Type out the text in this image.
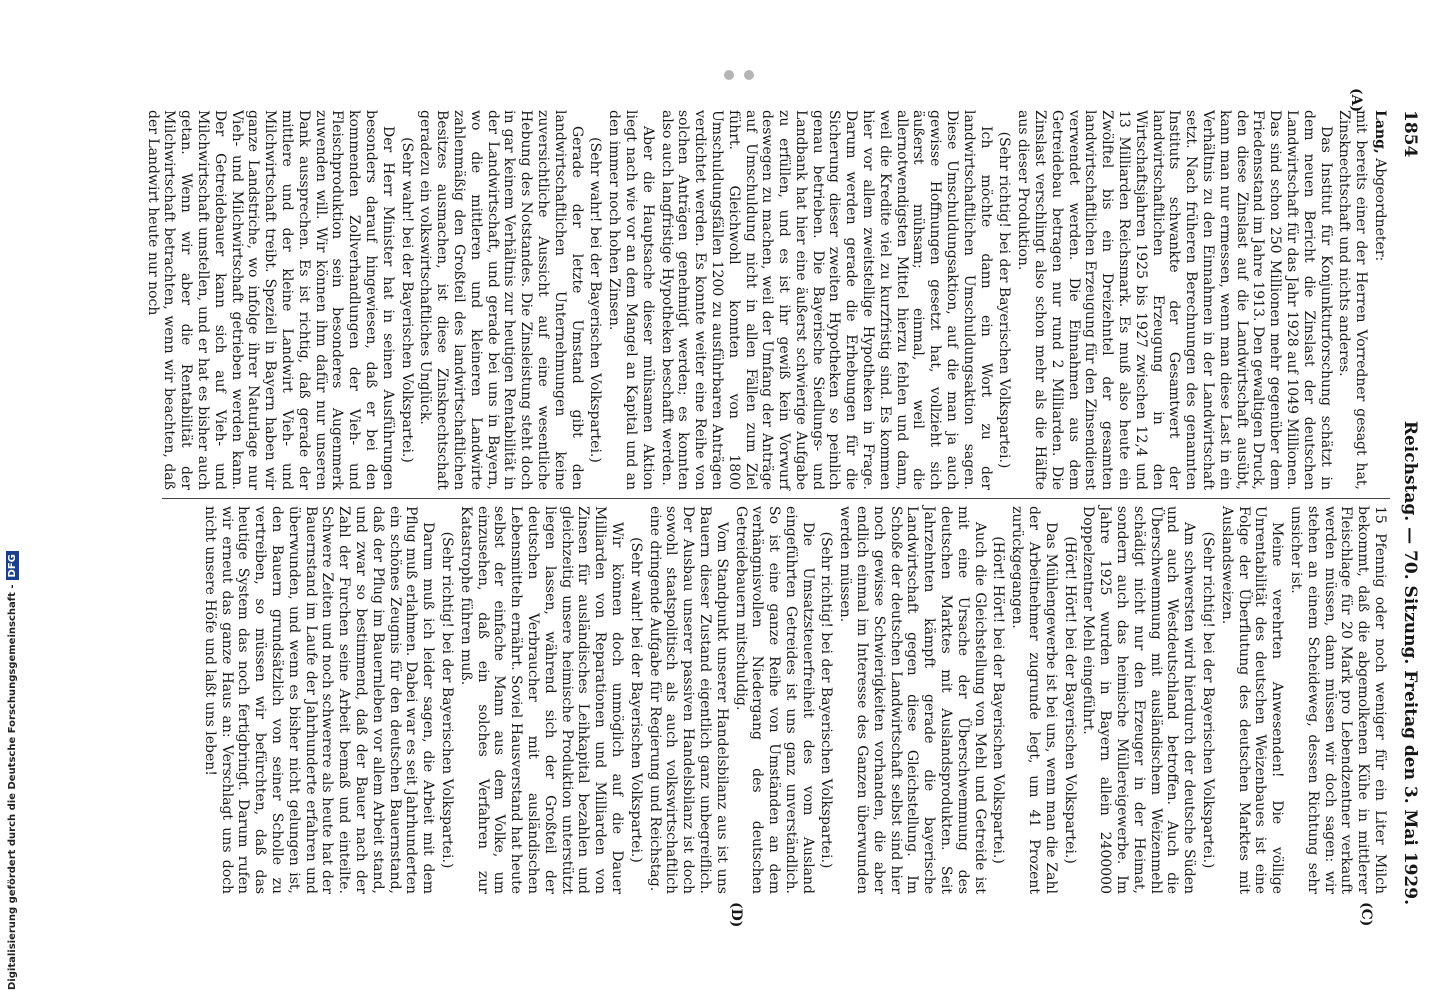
1854
Reichstag. — 70. Sitzung. Freitag den 3. Mai 1929.
(A)
(C)
(D)

Lang, Abgeordneter:

mit bereits einer der Herren Vorredner gesagt hat, Zinsknechtschaft und nichts anderes.

Das Institut für Konjunkturforschung schätzt in dem neuen Bericht die Zinslast der deutschen Landwirtschaft für das Jahr 1928 auf 1049 Millionen. Das sind schon 250 Millionen mehr gegenüber dem Friedensstand im Jahre 1913. Den gewaltigen Druck, den diese Zinslast auf die Landwirtschaft ausübt, kann man nur ermessen, wenn man diese Last in ein Verhältnis zu den Einnahmen in der Landwirtschaft setzt. Nach früheren Berechnungen des genannten Instituts schwankte der Gesamtwert der landwirtschaftlichen Erzeugung in den Wirtschaftsjahren 1925 bis 1927 zwischen 12,4 und 13 Milliarden Reichsmark. Es muß also heute ein Zwölftel bis ein Dreizehntel der gesamten landwirtschaftlichen Erzeugung für den Zinsendienst verwendet werden. Die Einnahmen aus dem Getreidebau betragen nur rund 2 Milliarden. Die Zinslast verschlingt also schon mehr als die Hälfte aus dieser Produktion.

(Sehr richtig! bei der Bayerischen Volkspartei.)

Ich möchte dann ein Wort zu der landwirtschaftlichen Umschuldungsaktion sagen. Diese Umschuldungsaktion, auf die man ja auch gewisse Hoffnungen gesetzt hat, vollzieht sich äußerst mühsam; einmal, weil die allernotwendigsten Mittel hierzu fehlen und dann, weil die Kredite viel zu kurzfristig sind. Es kommen hier vor allem zweitstellige Hypotheken in Frage. Darum werden gerade die Erhebungen für die Sicherung dieser zweiten Hypotheken so peinlich genau betrieben. Die Bayerische Siedlungs- und Landbank hat hier eine äußerst schwierige Aufgabe zu erfüllen, und es ist ihr gewiß kein Vorwurf deswegen zu machen, weil der Umfang der Anträge auf Umschuldung nicht in allen Fällen zum Ziel führt. Gleichwohl konnten von 1800 Umschuldungsfällen 1200 zu ausführbaren Anträgen verdichtet werden. Es konnte weiter eine Reihe von solchen Anträgen genehmigt werden; es konnten also auch langfristige Hypotheken beschafft werden.

Aber die Hauptsache dieser mühsamen Aktion liegt nach wie vor an dem Mangel an Kapital und an den immer noch hohen Zinsen.

(Sehr wahr! bei der Bayerischen Volkspartei.)

Gerade der letzte Umstand gibt den landwirtschaftlichen Unternehmungen keine zuversichtliche Aussicht auf eine wesentliche Hebung des Notstandes. Die Zinsleistung steht doch in gar keinem Verhältnis zur heutigen Rentabilität in der Landwirtschaft, und gerade bei uns in Bayern, wo die mittleren und kleineren Landwirte zahlenmäßig den Großteil des landwirtschaftlichen Besitzes ausmachen, ist diese Zinsknechtschaft geradezu ein volkswirtschaftliches Unglück.

(Sehr wahr! bei der Bayerischen Volkspartei.)

Der Herr Minister hat in seinen Ausführungen besonders darauf hingewiesen, daß er bei den kommenden Zollverhandlungen der Vieh- und Fleischproduktion sein besonderes Augenmerk zuwenden will. Wir können ihm dafür nur unseren Dank aussprechen. Es ist richtig, daß gerade der mittlere und der kleine Landwirt Vieh- und Milchwirtschaft treibt. Speziell in Bayern haben wir ganze Landstriche, wo infolge ihrer Naturlage nur Vieh- und Milchwirtschaft getrieben werden kann. Der Getreidebauer kann sich auf Vieh- und Milchwirtschaft umstellen, und er hat es bisher auch getan. Wenn wir aber die Rentabilität der Milchwirtschaft betrachten, wenn wir beachten, daß der Landwirt heute nur noch

15 Pfennig oder noch weniger für ein Liter Milch bekommt, daß die abgemolkenen Kühe in mittlerer Fleischlage für 20 Mark pro Lebendzentner verkauft werden müssen, dann müssen wir doch sagen: wir stehen an einem Scheideweg, dessen Richtung sehr unsicher ist.

Meine verehrten Anwesenden! Die völlige Unrentabilität des deutschen Weizenbaues ist eine Folge der Überflutung des deutschen Marktes mit Auslandsweizen.

(Sehr richtig! bei der Bayerischen Volkspartei.)

Am schwersten wird hierdurch der deutsche Süden und auch Westdeutschland betroffen. Auch die Überschwemmung mit ausländischem Weizenmehl schädigt nicht nur den Erzeuger in der Heimat, sondern auch das heimische Müllereigewerbe. Im Jahre 1925 wurden in Bayern allein 2400000 Doppelzentner Mehl eingeführt.

(Hört! Hört! bei der Bayerischen Volkspartei.)

Das Mühlengewerbe ist bei uns, wenn man die Zahl der Arbeitnehmer zugrunde legt, um 41 Prozent zurückgegangen.

(Hört! Hört! bei der Bayerischen Volkspartei.)

Auch die Gleichstellung von Mehl und Getreide ist mit eine Ursache der Überschwemmung des deutschen Marktes mit Auslandsprodukten. Seit Jahrzehnten kämpft gerade die bayerische Landwirtschaft gegen diese Gleichstellung. Im Schoße der deutschen Landwirtschaft selbst sind hier noch gewisse Schwierigkeiten vorhanden, die aber endlich einmal im Interesse des Ganzen überwunden werden müssen.

(Sehr richtig! bei der Bayerischen Volkspartei.)

Die Umsatzsteuerfreiheit des vom Ausland eingeführten Getreides ist uns ganz unverständlich. So ist eine ganze Reihe von Umständen an dem verhängnisvollen Niedergang des deutschen Getreidebauern mitschuldig.

Vom Standpunkt unserer Handelsbilanz aus ist uns Bauern dieser Zustand eigentlich ganz unbegreiflich. Der Ausbau unserer passiven Handelsbilanz ist doch sowohl staatspolitisch als auch volkswirtschaftlich eine dringende Aufgabe für Regierung und Reichstag.

(Sehr wahr! bei der Bayerischen Volkspartei.)

Wir können doch unmöglich auf die Dauer Milliarden von Reparationen und Milliarden von Zinsen für ausländisches Leihkapital bezahlen und gleichzeitig unsere heimische Produktion unterstützt liegen lassen, während sich der Großteil der deutschen Verbraucher mit ausländischen Lebensmitteln ernährt. Soviel Hausverstand hat heute selbst der einfache Mann aus dem Volke, um einzusehen, daß ein solches Verfahren zur Katastrophe führen muß.

(Sehr richtig! bei der Bayerischen Volkspartei.)

Darum muß ich leider sagen, die Arbeit mit dem Pflug muß erlahmen. Dabei war es seit Jahrhunderten ein schönes Zeugnis für den deutschen Bauernstand, daß der Pflug im Bauernleben vor allem Arbeit stand, und zwar so bestimmend, daß der Bauer nach der Zahl der Furchen seine Arbeit bemaß und einteilte. Schwere Zeiten und noch schwerere als heute hat der Bauernstand im Laufe der Jahrhunderte erfahren und überwunden, und wenn es bisher nicht gelungen ist, den Bauern grundsätzlich von seiner Scholle zu vertreiben, so müssen wir befürchten, daß das heutige System das noch fertigbringt. Darum rufen wir erneut das ganze Haus an: Verschlagt uns doch nicht unsere Höfe und laßt uns leben!

Digitalisierung gefördert durch die Deutsche Forschungsgemeinschaft -DFG
